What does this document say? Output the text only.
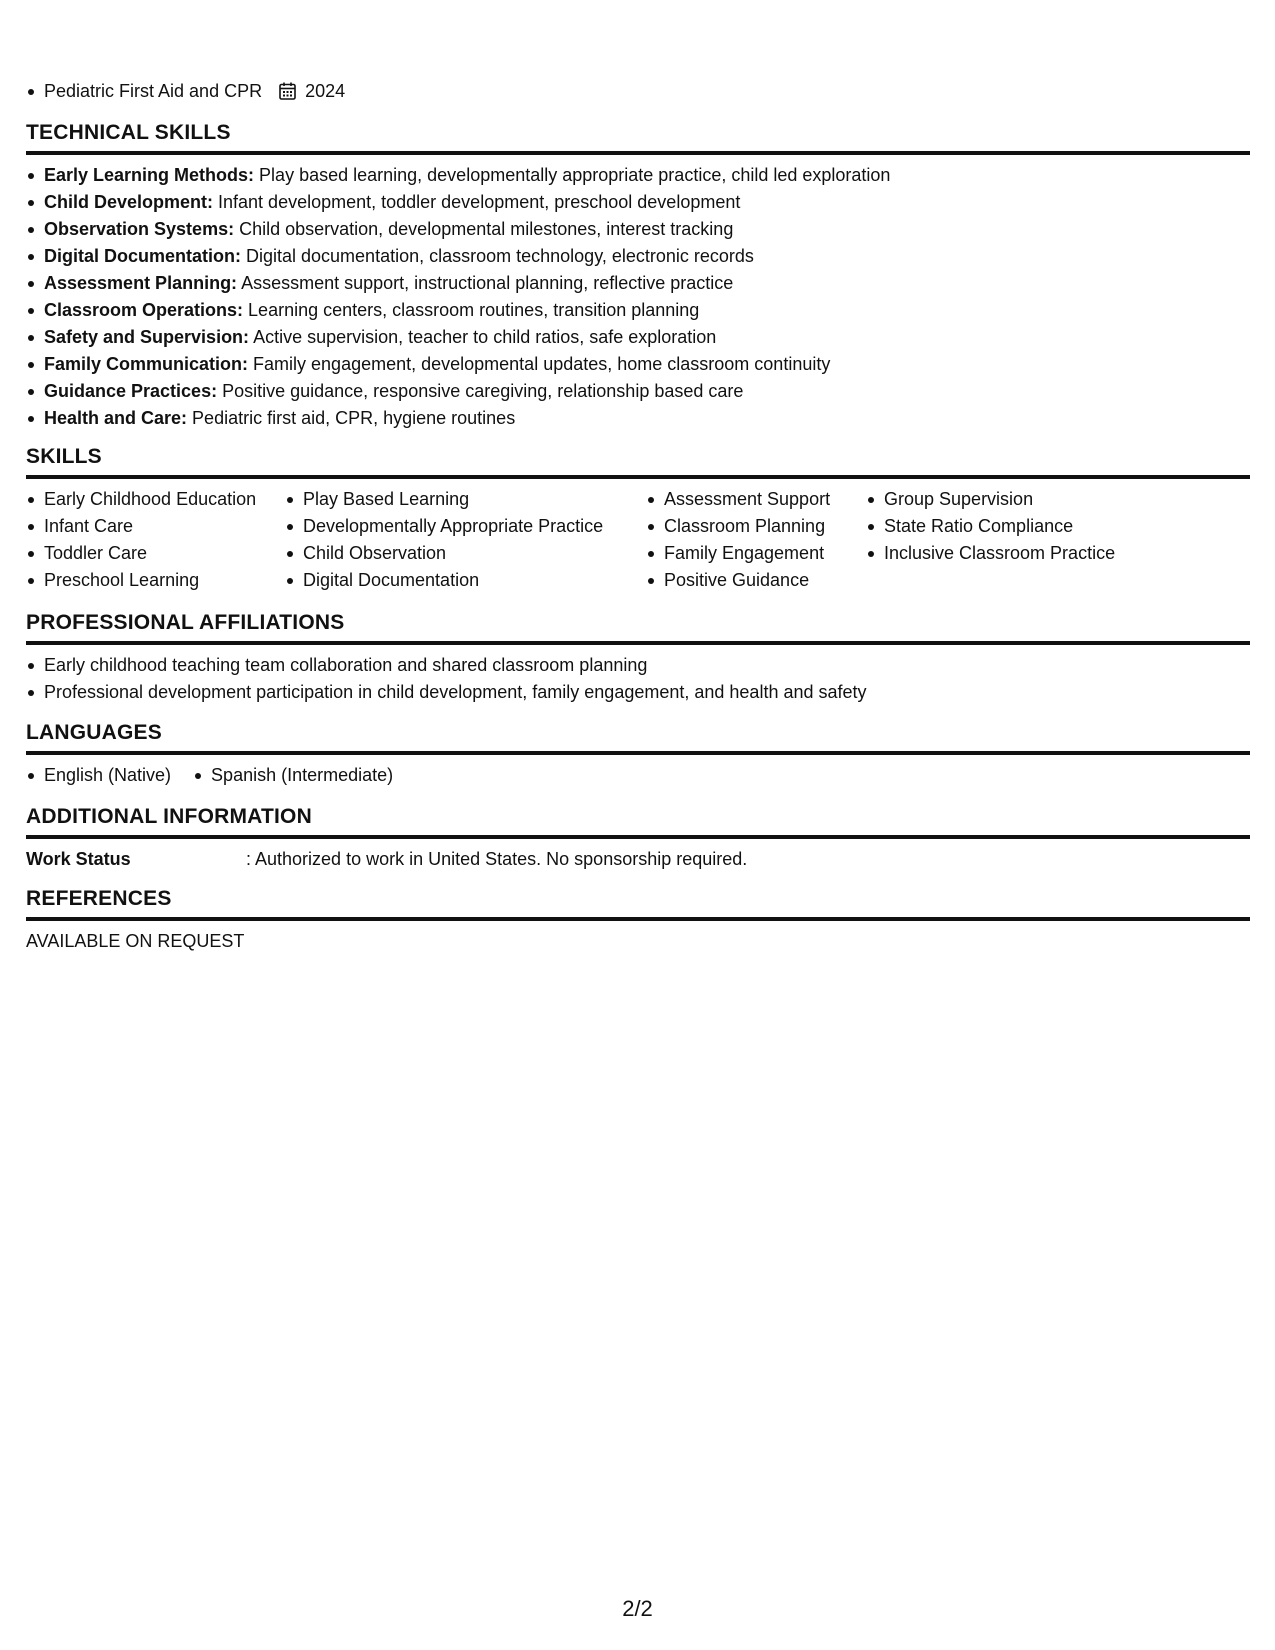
Pediatric First Aid and CPR 2024
TECHNICAL SKILLS
Early Learning Methods: Play based learning, developmentally appropriate practice, child led exploration
Child Development: Infant development, toddler development, preschool development
Observation Systems: Child observation, developmental milestones, interest tracking
Digital Documentation: Digital documentation, classroom technology, electronic records
Assessment Planning: Assessment support, instructional planning, reflective practice
Classroom Operations: Learning centers, classroom routines, transition planning
Safety and Supervision: Active supervision, teacher to child ratios, safe exploration
Family Communication: Family engagement, developmental updates, home classroom continuity
Guidance Practices: Positive guidance, responsive caregiving, relationship based care
Health and Care: Pediatric first aid, CPR, hygiene routines
SKILLS
Early Childhood Education
Infant Care
Toddler Care
Preschool Learning
Play Based Learning
Developmentally Appropriate Practice
Child Observation
Digital Documentation
Assessment Support
Classroom Planning
Family Engagement
Positive Guidance
Group Supervision
State Ratio Compliance
Inclusive Classroom Practice
PROFESSIONAL AFFILIATIONS
Early childhood teaching team collaboration and shared classroom planning
Professional development participation in child development, family engagement, and health and safety
LANGUAGES
English (Native)	Spanish (Intermediate)
ADDITIONAL INFORMATION
Work Status	: Authorized to work in United States. No sponsorship required.
REFERENCES
AVAILABLE ON REQUEST
2/2
